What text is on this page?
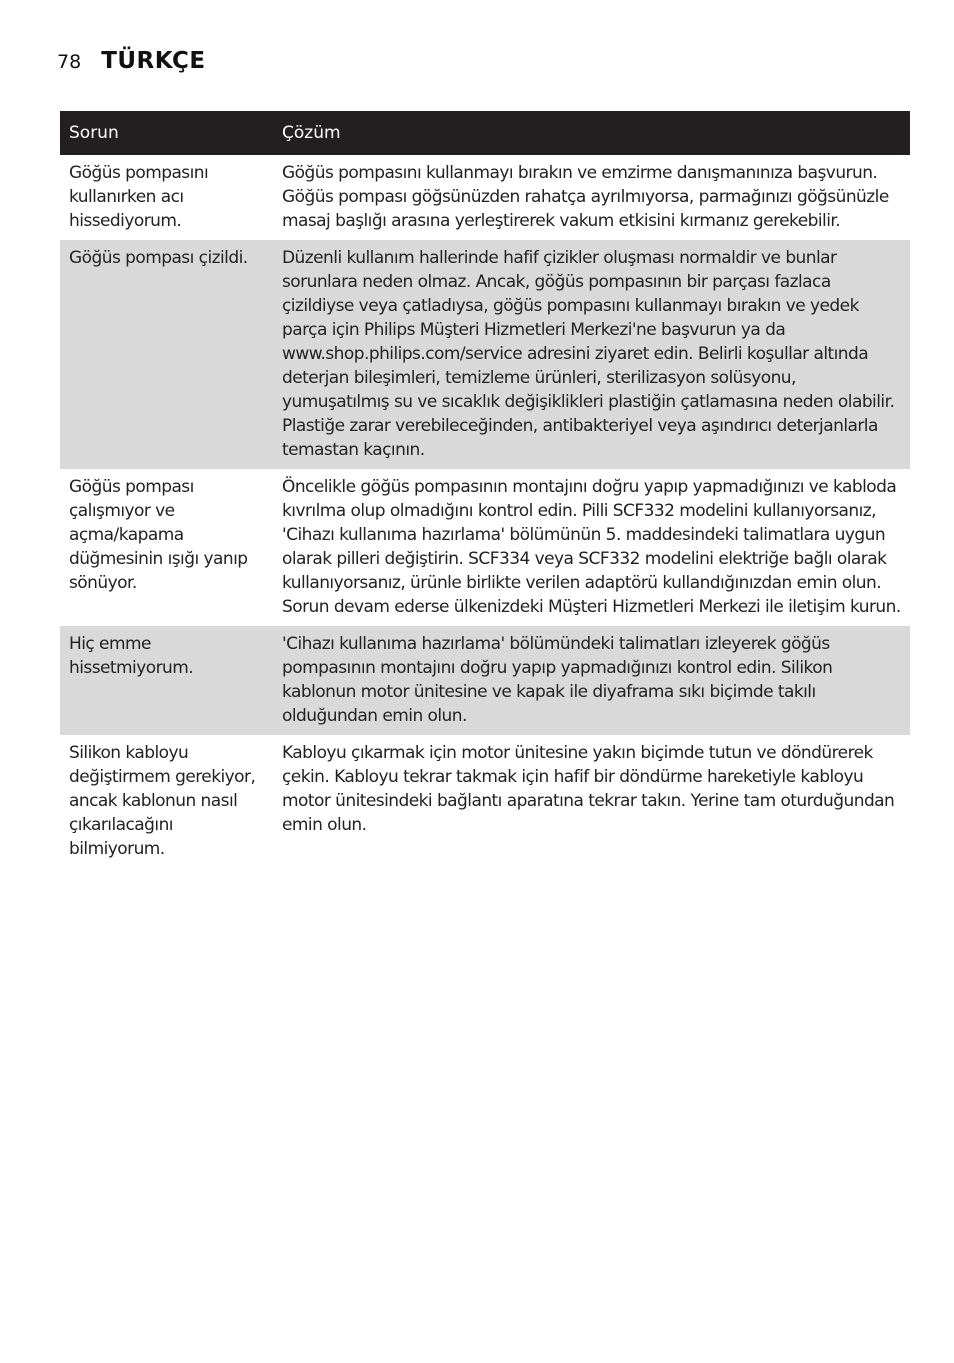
78 TÜRKÇE
Sorun	Çözüm
Göğüs pompasını kullanırken acı hissediyorum.	Göğüs pompasını kullanmayı bırakın ve emzirme danışmanınıza başvurun. Göğüs pompası göğsünüzden rahatça ayrılmıyorsa, parmağınızı göğsünüzle masaj başlığı arasına yerleştirerek vakum etkisini kırmanız gerekebilir.
Göğüs pompası çizildi.	Düzenli kullanım hallerinde hafif çizikler oluşması normaldir ve bunlar sorunlara neden olmaz. Ancak, göğüs pompasının bir parçası fazlaca çizildiyse veya çatladıysa, göğüs pompasını kullanmayı bırakın ve yedek parça için Philips Müşteri Hizmetleri Merkezi'ne başvurun ya da www.shop.philips.com/service adresini ziyaret edin. Belirli koşullar altında deterjan bileşimleri, temizleme ürünleri, sterilizasyon solüsyonu, yumuşatılmış su ve sıcaklık değişiklikleri plastiğin çatlamasına neden olabilir. Plastiğe zarar verebileceğinden, antibakteriyel veya aşındırıcı deterjanlarla temastan kaçının.
Göğüs pompası çalışmıyor ve açma/kapama düğmesinin ışığı yanıp sönüyor.	Öncelikle göğüs pompasının montajını doğru yapıp yapmadığınızı ve kabloda kıvrılma olup olmadığını kontrol edin. Pilli SCF332 modelini kullanıyorsanız, 'Cihazı kullanıma hazırlama' bölümünün 5. maddesindeki talimatlara uygun olarak pilleri değiştirin. SCF334 veya SCF332 modelini elektriğe bağlı olarak kullanıyorsanız, ürünle birlikte verilen adaptörü kullandığınızdan emin olun. Sorun devam ederse ülkenizdeki Müşteri Hizmetleri Merkezi ile iletişim kurun.
Hiç emme hissetmiyorum.	'Cihazı kullanıma hazırlama' bölümündeki talimatları izleyerek göğüs pompasının montajını doğru yapıp yapmadığınızı kontrol edin. Silikon kablonun motor ünitesine ve kapak ile diyaframa sıkı biçimde takılı olduğundan emin olun.
Silikon kabloyu değiştirmem gerekiyor, ancak kablonun nasıl çıkarılacağını bilmiyorum.	Kabloyu çıkarmak için motor ünitesine yakın biçimde tutun ve döndürerek çekin. Kabloyu tekrar takmak için hafif bir döndürme hareketiyle kabloyu motor ünitesindeki bağlantı aparatına tekrar takın. Yerine tam oturduğundan emin olun.
